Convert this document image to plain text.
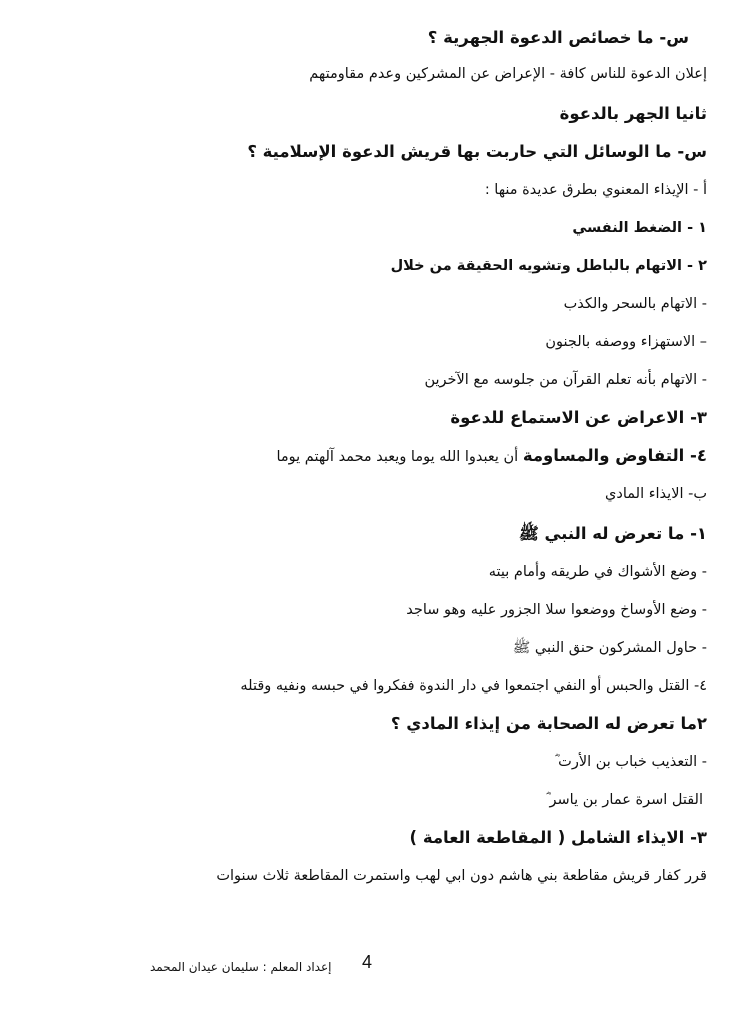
س- ما خصائص الدعوة الجهرية ؟
إعلان الدعوة للناس كافة - الإعراض عن المشركين وعدم مقاومتهم
ثانيا الجهر بالدعوة
س- ما الوسائل التي حاربت بها قريش الدعوة الإسلامية ؟
أ - الإيذاء المعنوي بطرق عديدة منها :
١ - الضغط النفسي
٢ - الاتهام بالباطل وتشويه الحقيقة من خلال
- الاتهام بالسحر والكذب
– الاستهزاء ووصفه بالجنون
- الاتهام بأنه تعلم القرآن من جلوسه مع الآخرين
٣- الاعراض عن الاستماع للدعوة
٤- التفاوض والمساومة أن يعبدوا الله يوما ويعبد محمد آلهتم يوما
ب- الايذاء المادي
١- ما تعرض له النبي ﷺ
- وضع الأشواك في طريقه وأمام بيته
- وضع الأوساخ ووضعوا سلا الجزور عليه وهو ساجد
- حاول المشركون حنق النبي ﷺ
٤- القتل والحبس أو النفي اجتمعوا في دار الندوة ففكروا في حبسه ونفيه وقتله
٢ما تعرض له الصحابة من إيذاء المادي ؟
- التعذيب خباب بن الأرت ؓ
القتل اسرة عمار بن ياسر ؓ
٣- الايذاء الشامل ( المقاطعة العامة )
قرر كفار قريش مقاطعة بني هاشم دون ابي لهب واستمرت المقاطعة ثلاث سنوات
إعداد المعلم : سليمان عيدان المحمد 4
